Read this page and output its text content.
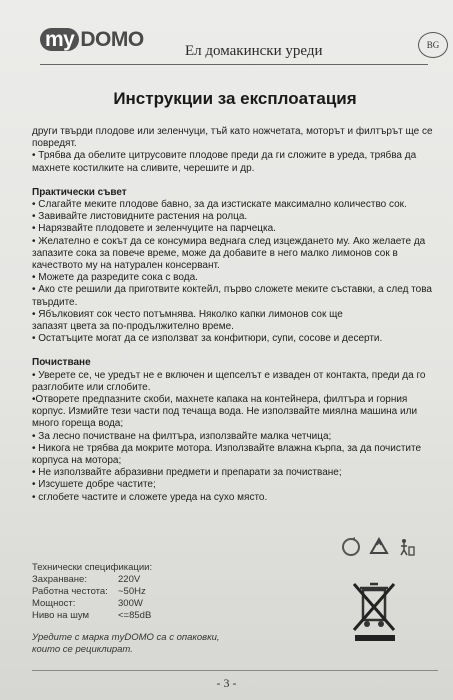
my DOMO	Ел домакински уреди	BG
Инструкции за експлоатация

други твърди плодове или зеленчуци, тъй като ножчетата, моторът и филтърът ще се

повредят.

• Трябва да обелите цитрусовите плодове преди да ги сложите в уреда, трябва да

махнете костилките на сливите, черешите и др.

Практически съвет

• Слагайте меките плодове бавно, за да изстискате максимално количество сок.

• Завивайте листовидните растения на ролца.

• Нарязвайте плодовете и зеленчуците на парчецка.

• Желателно е сокът да се консумира веднага след изцеждането му. Ако желаете да

запазите сока за повече време, може да добавите в него малко лимонов сок в

качеството му на натурален консервант.

• Можете да разредите сока с вода.

• Ако сте решили да приготвите коктейл, първо сложете меките съставки, а след това

твърдите.

• Ябълковият сок често потъмнява. Няколко капки лимонов сок ще

запазят цвета за по-продължително време.

• Остатъците могат да се използват за конфитюри, супи, сосове и десерти.

Почистване

• Уверете се, че уредът не е включен и щепселът е изваден от контакта, преди да го

разглобите или сглобите.

•Отворете предпазните скоби, махнете капака на контейнера, филтъра и горния

корпус. Измийте тези части под течаща вода. Не използвайте миялна машина или

много гореща вода;

• За лесно почистване на филтъра, използвайте малка четчица;

• Никога не трябва да мокрите мотора. Използвайте влажна кърпа, за да почистите

корпуса на мотора;

• Не използвайте абразивни предмети и препарати за почистване;

• Изсушете добре частите;

• сглобете частите и сложете уреда на сухо място.

Технически спецификации:
Захранване:	220V
Работна честота:	~50Hz
Мощност:	300W
Ниво на шум	<=85dB
Уредите с марка myDOMO са с опаковки,
които се рециклират.
- 3 -
